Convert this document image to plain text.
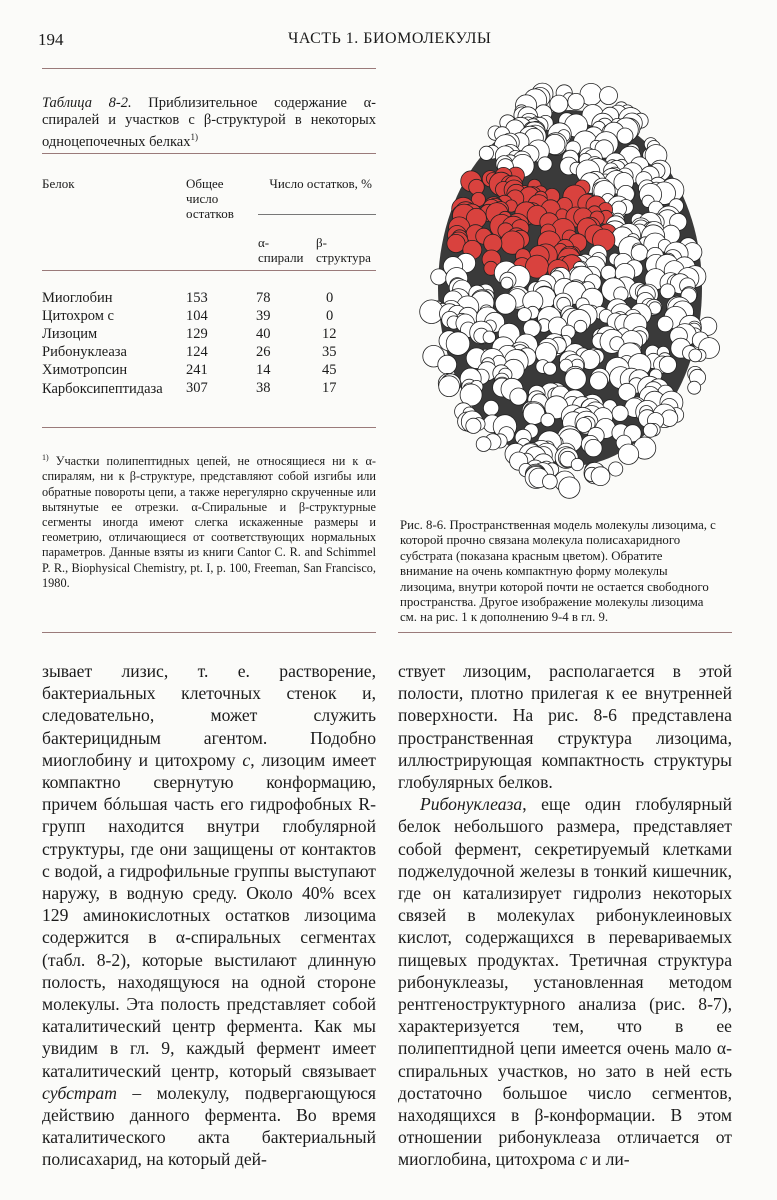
194	ЧАСТЬ 1. БИОМОЛЕКУЛЫ
Таблица 8-2. Приблизительное содержание α-спиралей и участков с β-структурой в некоторых одноцепочечных белках$^{1)}$
Белок	Общее число остатков
Число остатков, %
α-спирали
β-структура
Миоглобин	153	78	0
Цитохром c	104	39	0
Лизоцим	129	40	12
Рибонуклеаза	124	26	35
Химотропсин	241	14	45
Карбоксипептидаза 307	38	17
$^{1)}$ Участки полипептидных цепей, не относящиеся ни к α-спиралям, ни к β-структуре, представляют собой изгибы или обратные повороты цепи, а также нерегулярно скрученные или вытянутые ее отрезки. α-Спиральные и β-структурные сегменты иногда имеют слегка искаженные размеры и геометрию, отличающиеся от соответствующих нормальных параметров. Данные взяты из книги Cantor C. R. and Schimmel P. R., Biophysical Chemistry, pt. I, p. 100, Freeman, San Francisco, 1980.
Рис. 8-6. Пространственная модель молекулы лизоцима, с которой прочно связана молекула полисахаридного субстрата (показана красным цветом). Обратите внимание на очень компактную форму молекулы лизоцима, внутри которой почти не остается свободного пространства. Другое изображение молекулы лизоцима см. на рис. 1 к дополнению 9-4 в гл. 9.

зывает лизис, т. е. растворение, бактериальных клеточных стенок и, следовательно, может служить бактерицидным агентом. Подобно миоглобину и цитохрому c, лизоцим имеет компактно свернутую конформацию, причем бóльшая часть его гидрофобных R-групп находится внутри глобулярной структуры, где они защищены от контактов с водой, а гидрофильные группы выступают наружу, в водную среду. Около 40% всех 129 аминокислотных остатков лизоцима содержится в α-спиральных сегментах (табл. 8-2), которые выстилают длинную полость, находящуюся на одной стороне молекулы. Эта полость представляет собой каталитический центр фермента. Как мы увидим в гл. 9, каждый фермент имеет каталитический центр, который связывает субстрат – молекулу, подвергающуюся действию данного фермента. Во время каталитического акта бактериальный полисахарид, на который дей-

ствует лизоцим, располагается в этой полости, плотно прилегая к ее внутренней поверхности. На рис. 8-6 представлена пространственная структура лизоцима, иллюстрирующая компактность структуры глобулярных белков.

Рибонуклеаза, еще один глобулярный белок небольшого размера, представляет собой фермент, секретируемый клетками поджелудочной железы в тонкий кишечник, где он катализирует гидролиз некоторых связей в молекулах рибонуклеиновых кислот, содержащихся в перевариваемых пищевых продуктах. Третичная структура рибонуклеазы, установленная методом рентгеноструктурного анализа (рис. 8-7), характеризуется тем, что в ее полипептидной цепи имеется очень мало α-спиральных участков, но зато в ней есть достаточно большое число сегментов, находящихся в β-конформации. В этом отношении рибонуклеаза отличается от миоглобина, цитохрома c и ли-
